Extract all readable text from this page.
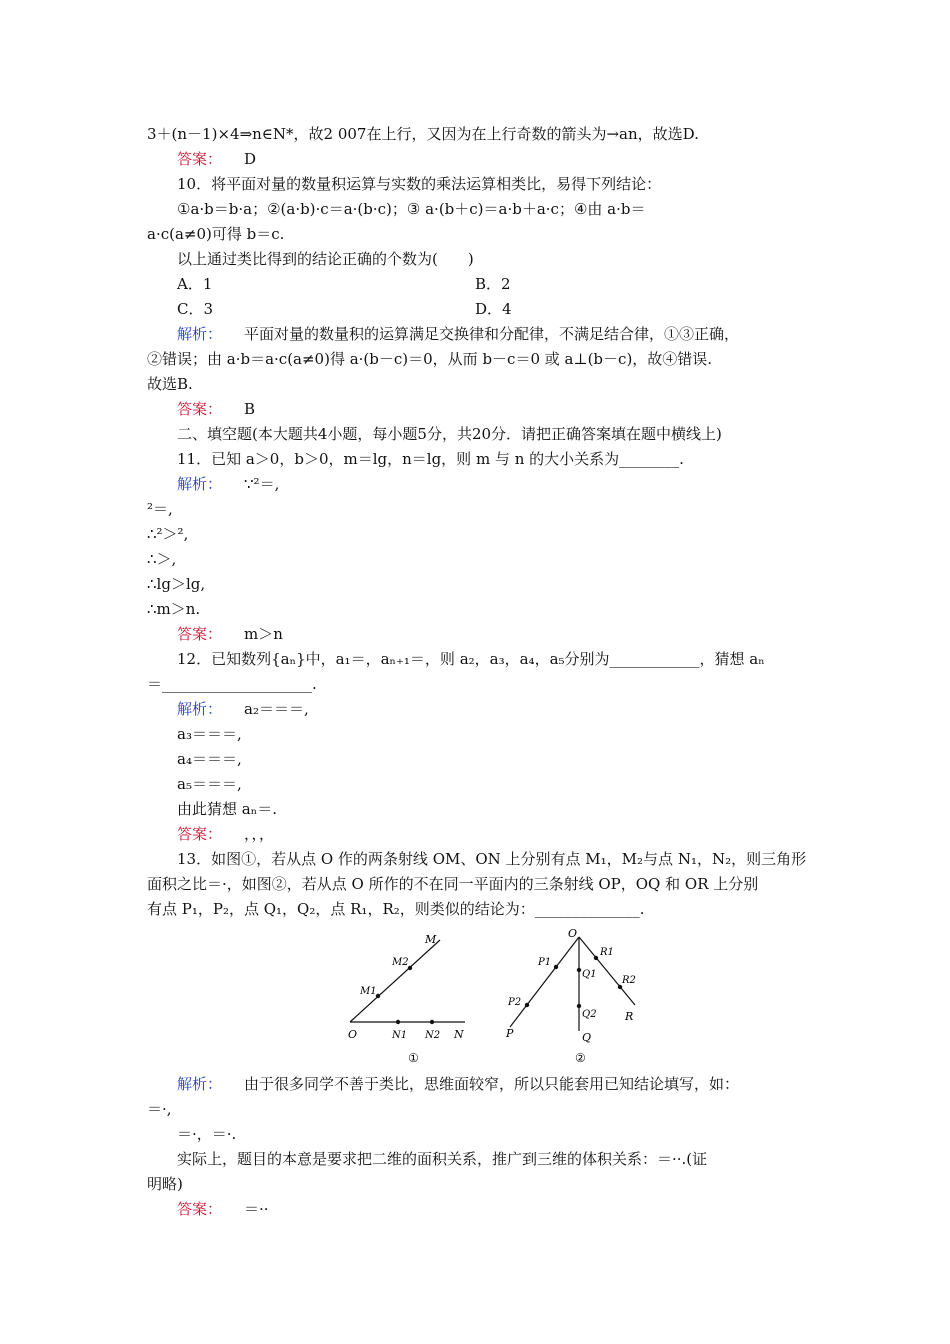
3＋(n－1)×4⇒n∈N*，故2 007在上行，又因为在上行奇数的箭头为→an，故选D.
答案： D
10．将平面对量的数量积运算与实数的乘法运算相类比，易得下列结论：
①a·b＝b·a；②(a·b)·c＝a·(b·c)；③ a·(b＋c)＝a·b＋a·c；④由 a·b＝
a·c(a≠0)可得 b＝c.
以上通过类比得到的结论正确的个数为(　　)
A．1	B．2
C．3	D．4
解析： 平面对量的数量积的运算满足交换律和分配律，不满足结合律，①③正确，
②错误；由 a·b＝a·c(a≠0)得 a·(b－c)＝0，从而 b－c＝0 或 a⊥(b－c)，故④错误.
故选B.
答案： B
二、填空题(本大题共4小题，每小题5分，共20分．请把正确答案填在题中横线上)
11．已知 a＞0，b＞0，m＝lg，n＝lg，则 m 与 n 的大小关系为________.
解析： ∵²＝,
²＝,
∴²＞²,
∴＞,
∴lg＞lg,
∴m＞n.
答案： m＞n
12．已知数列{aₙ}中，a₁＝，aₙ₊₁＝，则 a₂，a₃，a₄，a₅分别为____________，猜想 aₙ
＝____________________.
解析： a₂＝＝＝,
a₃＝＝＝,
a₄＝＝＝,
a₅＝＝＝,
由此猜想 aₙ＝.
答案： ，，，
13．如图①，若从点 O 作的两条射线 OM、ON 上分别有点 M₁，M₂与点 N₁，N₂，则三角形
面积之比＝·，如图②，若从点 O 所作的不在同一平面内的三条射线 OP，OQ 和 OR 上分别
有点 P₁，P₂，点 Q₁，Q₂，点 R₁，R₂，则类似的结论为：______________.
M
M2
M1
O	N1 N2 N
①
O
P1
P2
P
Q1
Q2
Q
R1
R2
R
②
解析： 由于很多同学不善于类比，思维面较窄，所以只能套用已知结论填写，如：
＝·,
＝·，＝·.
实际上，题目的本意是要求把二维的面积关系，推广到三维的体积关系：＝··.(证
明略)
答案： ＝··
